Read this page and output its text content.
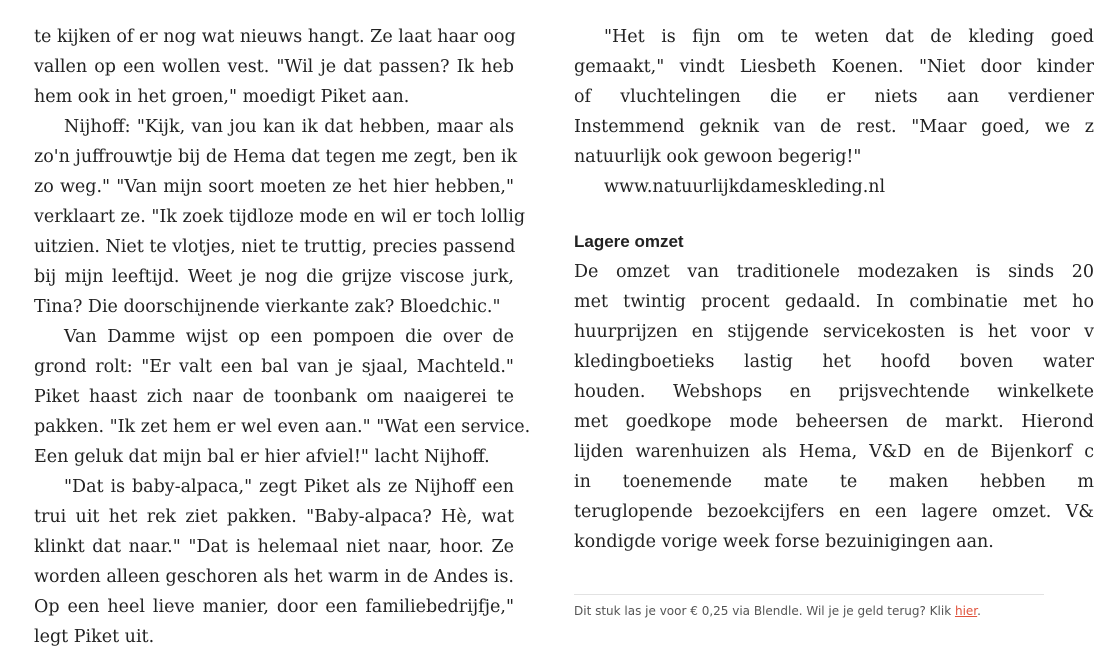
te kijken of er nog wat nieuws hangt. Ze laat haar oog
vallen op een wollen vest. "Wil je dat passen? Ik heb
hem ook in het groen," moedigt Piket aan.
Nijhoff: "Kijk, van jou kan ik dat hebben, maar als
zo'n juffrouwtje bij de Hema dat tegen me zegt, ben ik
zo weg." "Van mijn soort moeten ze het hier hebben,"
verklaart ze. "Ik zoek tijdloze mode en wil er toch lollig
uitzien. Niet te vlotjes, niet te truttig, precies passend
bij mijn leeftijd. Weet je nog die grijze viscose jurk,
Tina? Die doorschijnende vierkante zak? Bloedchic."
Van Damme wijst op een pompoen die over de
grond rolt: "Er valt een bal van je sjaal, Machteld."
Piket haast zich naar de toonbank om naaigerei te
pakken. "Ik zet hem er wel even aan." "Wat een service.
Een geluk dat mijn bal er hier afviel!" lacht Nijhoff.
"Dat is baby-alpaca," zegt Piket als ze Nijhoff een
trui uit het rek ziet pakken. "Baby-alpaca? Hè, wat
klinkt dat naar." "Dat is helemaal niet naar, hoor. Ze
worden alleen geschoren als het warm in de Andes is.
Op een heel lieve manier, door een familiebedrijfje,"
legt Piket uit.
"Het is fijn om te weten dat de kleding goed
gemaakt," vindt Liesbeth Koenen. "Niet door kinder
of vluchtelingen die er niets aan verdiener
Instemmend geknik van de rest. "Maar goed, we z
natuurlijk ook gewoon begerig!"
www.natuurlijkdameskleding.nl
Lagere omzet
De omzet van traditionele modezaken is sinds 20
met twintig procent gedaald. In combinatie met ho
huurprijzen en stijgende servicekosten is het voor v
kledingboetieks lastig het hoofd boven water
houden. Webshops en prijsvechtende winkelkete
met goedkope mode beheersen de markt. Hierond
lijden warenhuizen als Hema, V&D en de Bijenkorf c
in toenemende mate te maken hebben m
teruglopende bezoekcijfers en een lagere omzet. V&
kondigde vorige week forse bezuinigingen aan.
Dit stuk las je voor € 0,25 via Blendle. Wil je je geld terug? Klik hier.
